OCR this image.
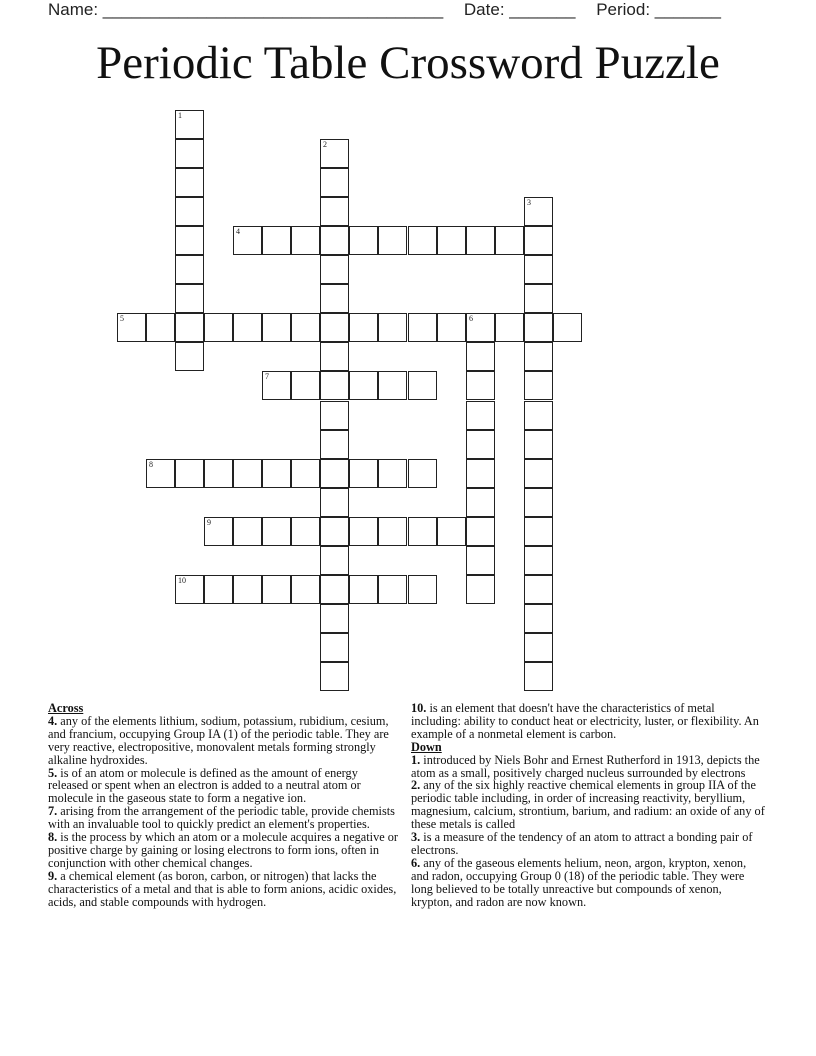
Name: ____________________________________ Date: _______ Period: _______
Periodic Table Crossword Puzzle
1
2
3
4
5	6
7
8
9
10
Across
4. any of the elements lithium, sodium, potassium, rubidium, cesium, and francium, occupying Group IA (1) of the periodic table. They are very reactive, electropositive, monovalent metals forming strongly alkaline hydroxides.
5. is of an atom or molecule is defined as the amount of energy released or spent when an electron is added to a neutral atom or molecule in the gaseous state to form a negative ion.
7. arising from the arrangement of the periodic table, provide chemists with an invaluable tool to quickly predict an element's properties.
8. is the process by which an atom or a molecule acquires a negative or positive charge by gaining or losing electrons to form ions, often in conjunction with other chemical changes.
9. a chemical element (as boron, carbon, or nitrogen) that lacks the characteristics of a metal and that is able to form anions, acidic oxides, acids, and stable compounds with hydrogen.
10. is an element that doesn't have the characteristics of metal including: ability to conduct heat or electricity, luster, or flexibility. An example of a nonmetal element is carbon.
Down
1. introduced by Niels Bohr and Ernest Rutherford in 1913, depicts the atom as a small, positively charged nucleus surrounded by electrons
2. any of the six highly reactive chemical elements in group IIA of the periodic table including, in order of increasing reactivity, beryllium, magnesium, calcium, strontium, barium, and radium: an oxide of any of these metals is called
3. is a measure of the tendency of an atom to attract a bonding pair of electrons.
6. any of the gaseous elements helium, neon, argon, krypton, xenon, and radon, occupying Group 0 (18) of the periodic table. They were long believed to be totally unreactive but compounds of xenon, krypton, and radon are now known.
